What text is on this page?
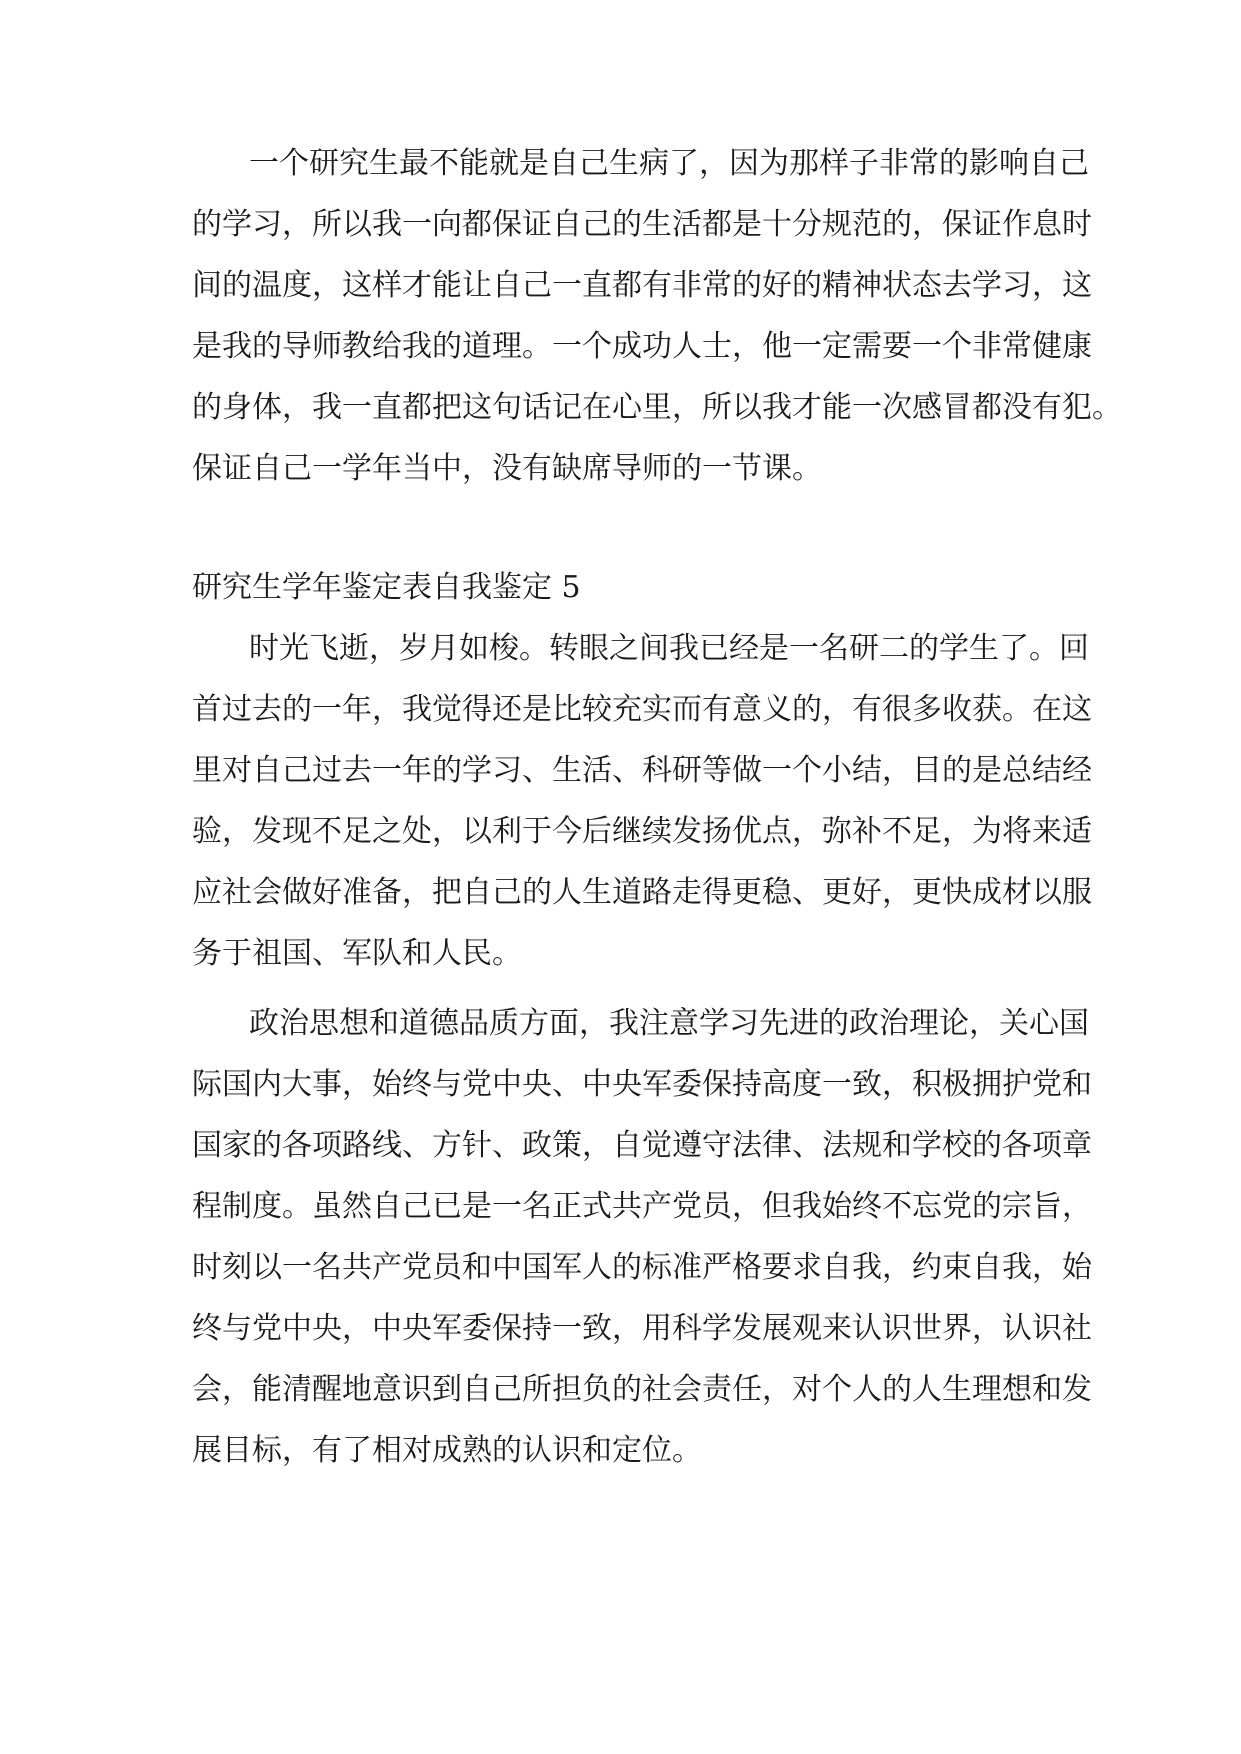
一个研究生最不能就是自己生病了，因为那样子非常的影响自己
的学习，所以我一向都保证自己的生活都是十分规范的，保证作息时
间的温度，这样才能让自己一直都有非常的好的精神状态去学习，这
是我的导师教给我的道理。一个成功人士，他一定需要一个非常健康
的身体，我一直都把这句话记在心里，所以我才能一次感冒都没有犯。
保证自己一学年当中，没有缺席导师的一节课。
研究生学年鉴定表自我鉴定 5
时光飞逝，岁月如梭。转眼之间我已经是一名研二的学生了。回
首过去的一年，我觉得还是比较充实而有意义的，有很多收获。在这
里对自己过去一年的学习、生活、科研等做一个小结，目的是总结经
验，发现不足之处，以利于今后继续发扬优点，弥补不足，为将来适
应社会做好准备，把自己的人生道路走得更稳、更好，更快成材以服
务于祖国、军队和人民。
政治思想和道德品质方面，我注意学习先进的政治理论，关心国
际国内大事，始终与党中央、中央军委保持高度一致，积极拥护党和
国家的各项路线、方针、政策，自觉遵守法律、法规和学校的各项章
程制度。虽然自己已是一名正式共产党员，但我始终不忘党的宗旨，
时刻以一名共产党员和中国军人的标准严格要求自我，约束自我，始
终与党中央，中央军委保持一致，用科学发展观来认识世界，认识社
会，能清醒地意识到自己所担负的社会责任，对个人的人生理想和发
展目标，有了相对成熟的认识和定位。
